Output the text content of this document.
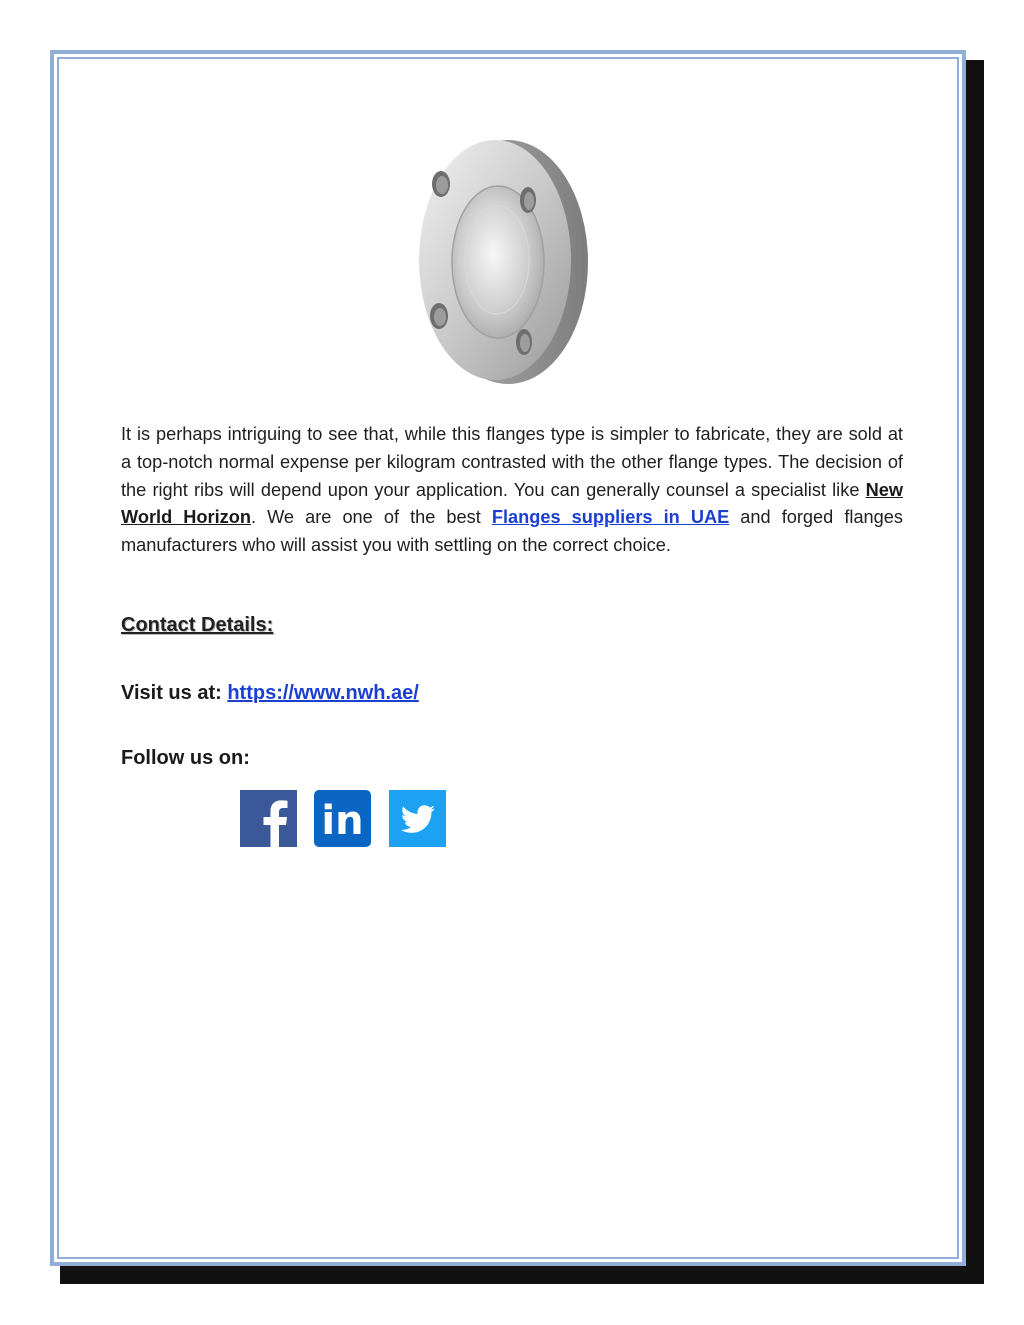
It is perhaps intriguing to see that, while this flanges type is simpler to fabricate, they are sold at a top-notch normal expense per kilogram contrasted with the other flange types. The decision of the right ribs will depend upon your application. You can generally counsel a specialist like New World Horizon. We are one of the best Flanges suppliers in UAE and forged flanges manufacturers who will assist you with settling on the correct choice.

Contact Details:

Visit us at: https://www.nwh.ae/

Follow us on:

in
